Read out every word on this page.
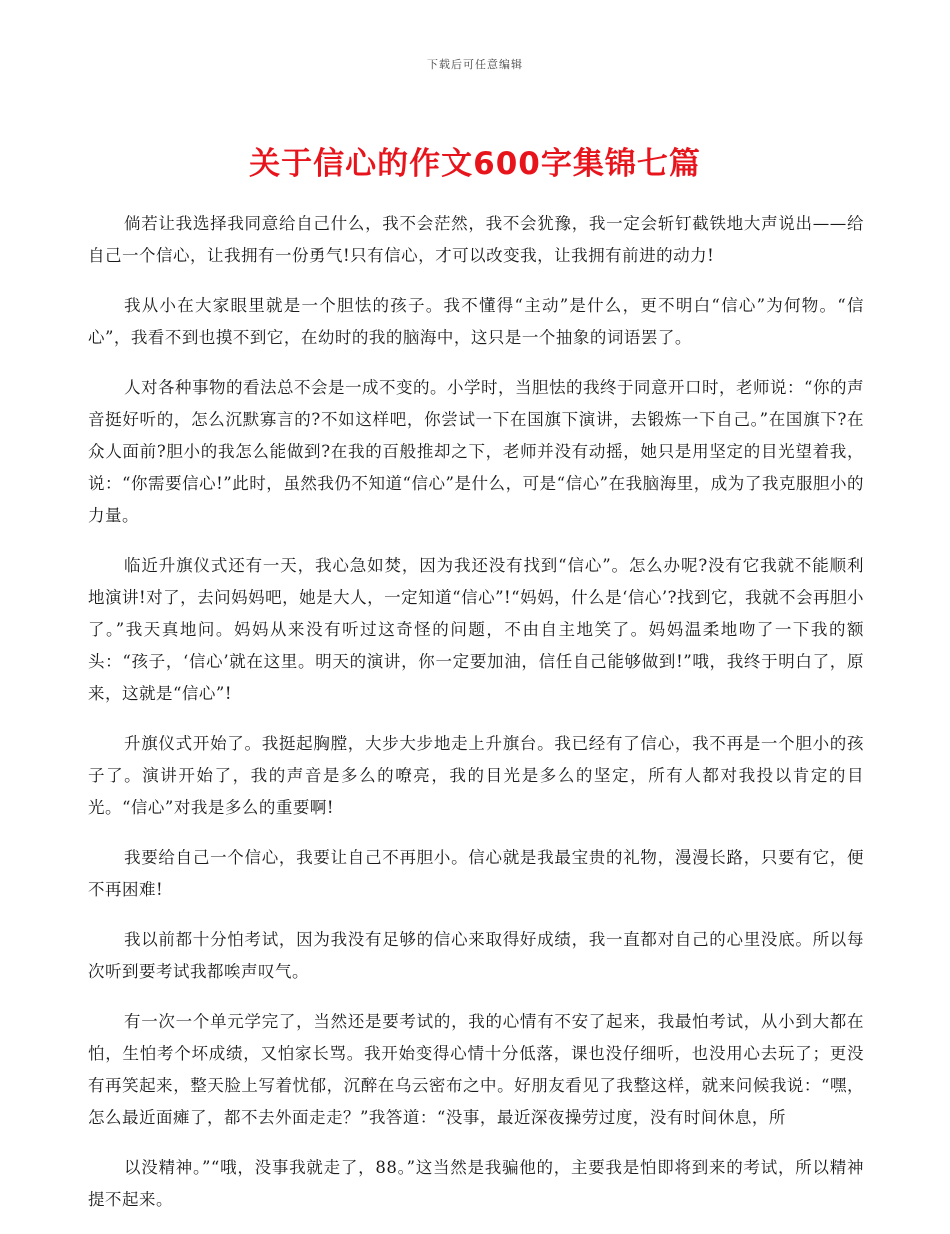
下载后可任意编辑
关于信心的作文600字集锦七篇

倘若让我选择我同意给自己什么，我不会茫然，我不会犹豫，我一定会斩钉截铁地大声说出——给自己一个信心，让我拥有一份勇气!只有信心，才可以改变我，让我拥有前进的动力!

我从小在大家眼里就是一个胆怯的孩子。我不懂得“主动”是什么，更不明白“信心”为何物。“信心”，我看不到也摸不到它，在幼时的我的脑海中，这只是一个抽象的词语罢了。

人对各种事物的看法总不会是一成不变的。小学时，当胆怯的我终于同意开口时，老师说：“你的声音挺好听的，怎么沉默寡言的?不如这样吧，你尝试一下在国旗下演讲，去锻炼一下自己。”在国旗下?在众人面前?胆小的我怎么能做到?在我的百般推却之下，老师并没有动摇，她只是用坚定的目光望着我，说：“你需要信心!”此时，虽然我仍不知道“信心”是什么，可是“信心”在我脑海里，成为了我克服胆小的力量。

临近升旗仪式还有一天，我心急如焚，因为我还没有找到“信心”。怎么办呢?没有它我就不能顺利地演讲!对了，去问妈妈吧，她是大人，一定知道“信心”!“妈妈，什么是‘信心’?找到它，我就不会再胆小了。”我天真地问。妈妈从来没有听过这奇怪的问题，不由自主地笑了。妈妈温柔地吻了一下我的额头：“孩子，‘信心’就在这里。明天的演讲，你一定要加油，信任自己能够做到!”哦，我终于明白了，原来，这就是“信心”!

升旗仪式开始了。我挺起胸膛，大步大步地走上升旗台。我已经有了信心，我不再是一个胆小的孩子了。演讲开始了，我的声音是多么的嘹亮，我的目光是多么的坚定，所有人都对我投以肯定的目光。“信心”对我是多么的重要啊!

我要给自己一个信心，我要让自己不再胆小。信心就是我最宝贵的礼物，漫漫长路，只要有它，便不再困难!

我以前都十分怕考试，因为我没有足够的信心来取得好成绩，我一直都对自己的心里没底。所以每次听到要考试我都唉声叹气。

有一次一个单元学完了，当然还是要考试的，我的心情有不安了起来，我最怕考试，从小到大都在怕，生怕考个坏成绩，又怕家长骂。我开始变得心情十分低落，课也没仔细听，也没用心去玩了；更没有再笑起来，整天脸上写着忧郁，沉醉在乌云密布之中。好朋友看见了我整这样，就来问候我说：“嘿，怎么最近面瘫了，都不去外面走走？”我答道：“没事，最近深夜操劳过度，没有时间休息，所

以没精神。”“哦，没事我就走了，88。”这当然是我骗他的，主要我是怕即将到来的考试，所以精神提不起来。
